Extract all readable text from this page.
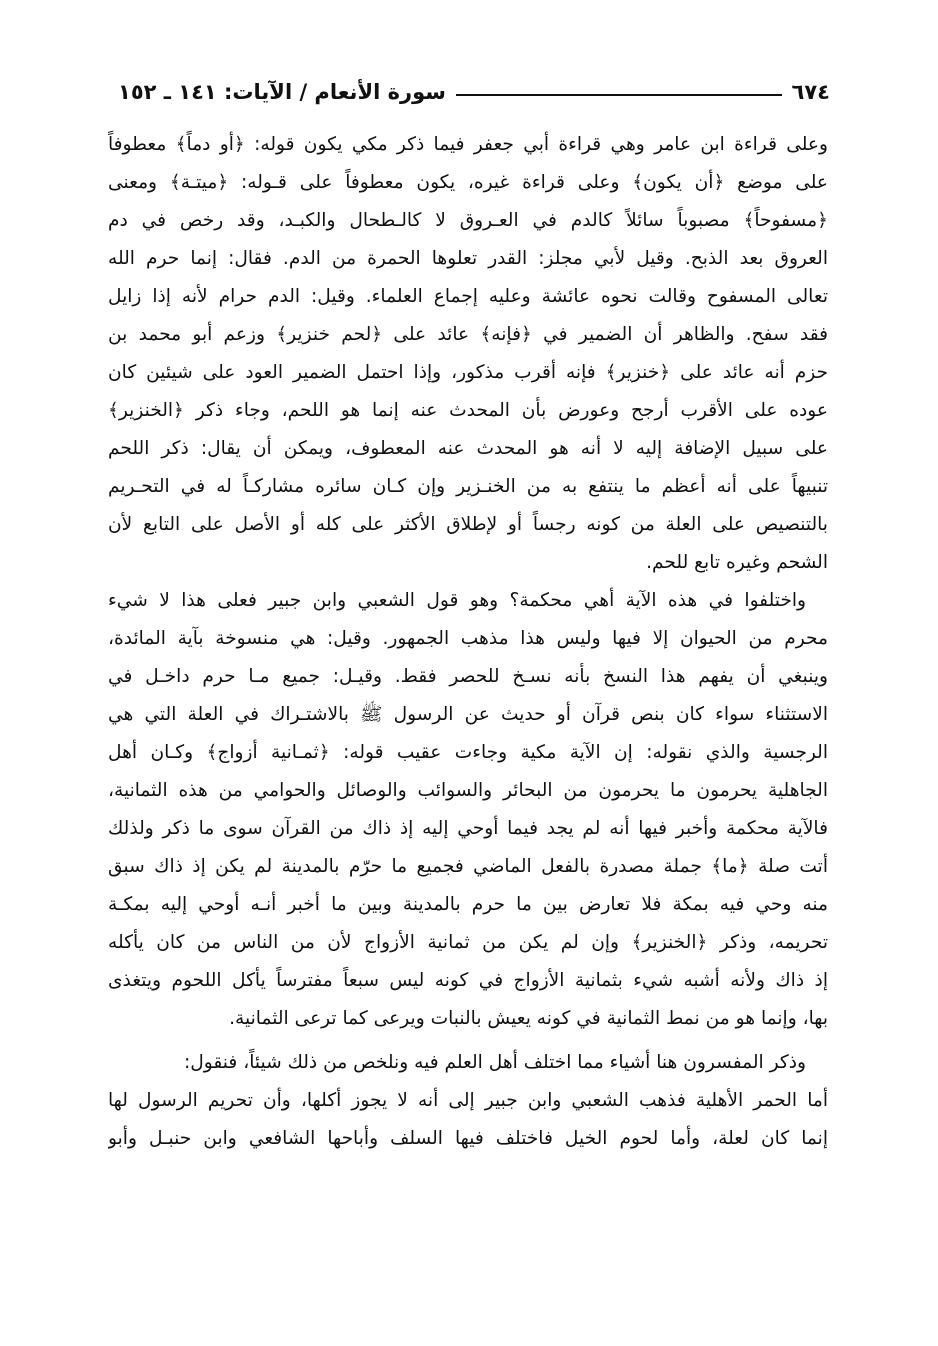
٦٧٤
سورة الأنعام / الآيات: ١٤١ ـ ١٥٢
وعلى قراءة ابن عامر وهي قراءة أبي جعفر فيما ذكر مكي يكون قوله: ﴿أو دماً﴾ معطوفاً
على موضع ﴿أن يكون﴾ وعلى قراءة غيره، يكون معطوفاً على قـوله: ﴿ميتـة﴾ ومعنى
﴿مسفوحاً﴾ مصبوباً سائلاً كالدم في العـروق لا كالـطحال والكبـد، وقد رخص في دم
العروق بعد الذبح. وقيل لأبي مجلز: القدر تعلوها الحمرة من الدم. فقال: إنما حرم الله
تعالى المسفوح وقالت نحوه عائشة وعليه إجماع العلماء. وقيل: الدم حرام لأنه إذا زايل
فقد سفح. والظاهر أن الضمير في ﴿فإنه﴾ عائد على ﴿لحم خنزير﴾ وزعم أبو محمد بن
حزم أنه عائد على ﴿خنزير﴾ فإنه أقرب مذكور، وإذا احتمل الضمير العود على شيئين كان
عوده على الأقرب أرجح وعورض بأن المحدث عنه إنما هو اللحم، وجاء ذكر ﴿الخنزير﴾
على سبيل الإضافة إليه لا أنه هو المحدث عنه المعطوف، ويمكن أن يقال: ذكر اللحم
تنبيهاً على أنه أعظم ما ينتفع به من الخنـزير وإن كـان سائره مشاركـاً له في التحـريم
بالتنصيص على العلة من كونه رجساً أو لإطلاق الأكثر على كله أو الأصل على التابع لأن
الشحم وغيره تابع للحم.
واختلفوا في هذه الآية أهي محكمة؟ وهو قول الشعبي وابن جبير فعلى هذا لا شيء
محرم من الحيوان إلا فيها وليس هذا مذهب الجمهور. وقيل: هي منسوخة بآية المائدة،
وينبغي أن يفهم هذا النسخ بأنه نسـخ للحصر فقط. وقيـل: جميع مـا حرم داخـل في
الاستثناء سواء كان بنص قرآن أو حديث عن الرسول ﷺ بالاشتـراك في العلة التي هي
الرجسية والذي نقوله: إن الآية مكية وجاءت عقيب قوله: ﴿ثمـانية أزواج﴾ وكـان أهل
الجاهلية يحرمون ما يحرمون من البحائر والسوائب والوصائل والحوامي من هذه الثمانية،
فالآية محكمة وأخبر فيها أنه لم يجد فيما أوحي إليه إذ ذاك من القرآن سوى ما ذكر ولذلك
أتت صلة ﴿ما﴾ جملة مصدرة بالفعل الماضي فجميع ما حرّم بالمدينة لم يكن إذ ذاك سبق
منه وحي فيه بمكة فلا تعارض بين ما حرم بالمدينة وبين ما أخبر أنـه أوحي إليه بمكـة
تحريمه، وذكر ﴿الخنزير﴾ وإن لم يكن من ثمانية الأزواج لأن من الناس من كان يأكله
إذ ذاك ولأنه أشبه شيء بثمانية الأزواج في كونه ليس سبعاً مفترساً يأكل اللحوم ويتغذى
بها، وإنما هو من نمط الثمانية في كونه يعيش بالنبات ويرعى كما ترعى الثمانية.
وذكر المفسرون هنا أشياء مما اختلف أهل العلم فيه ونلخص من ذلك شيئاً، فنقول:
أما الحمر الأهلية فذهب الشعبي وابن جبير إلى أنه لا يجوز أكلها، وأن تحريم الرسول لها
إنما كان لعلة، وأما لحوم الخيل فاختلف فيها السلف وأباحها الشافعي وابن حنبـل وأبو
